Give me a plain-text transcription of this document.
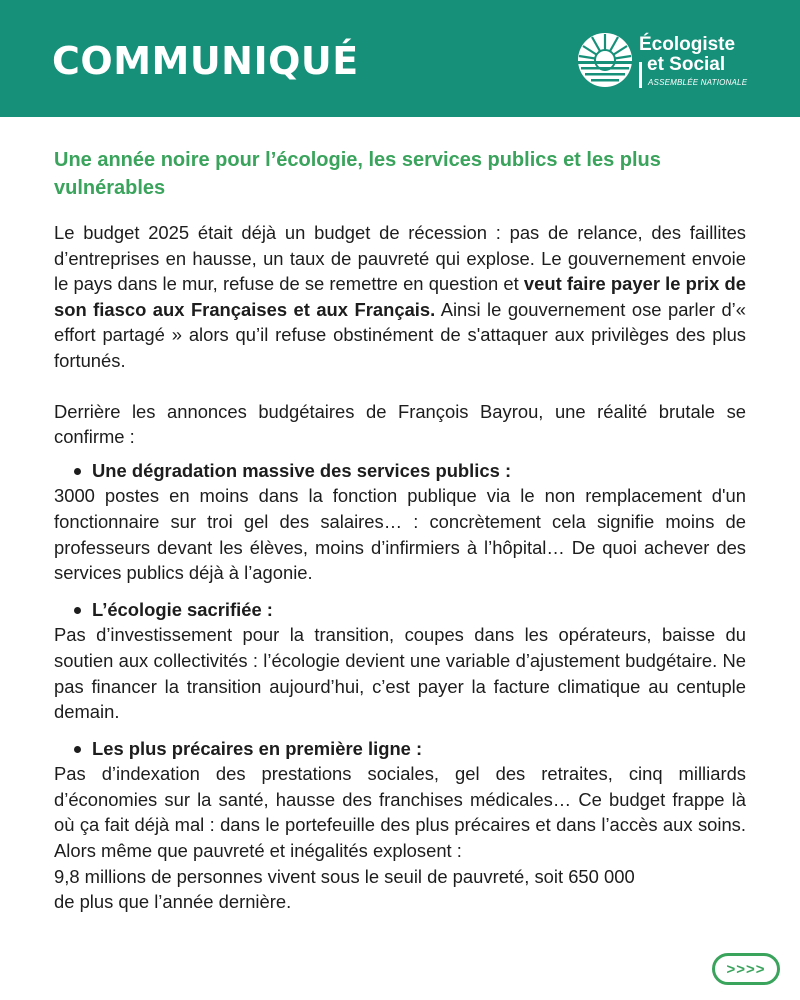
COMMUNIQUÉ	Écologiste
et Social
ASSEMBLÉE NATIONALE
Une année noire pour l’écologie, les services publics et les plus vulnérables

Le budget 2025 était déjà un budget de récession : pas de relance, des faillites d’entreprises en hausse, un taux de pauvreté qui explose. Le gouvernement envoie le pays dans le mur, refuse de se remettre en question et veut faire payer le prix de son fiasco aux Françaises et aux Français. Ainsi le gouvernement ose parler d’« effort partagé » alors qu’il refuse obstinément de s'attaquer aux privilèges des plus fortunés.

Derrière les annonces budgétaires de François Bayrou, une réalité brutale se confirme :

Une dégradation massive des services publics :
3000 postes en moins dans la fonction publique via le non remplacement d'un fonctionnaire sur troi gel des salaires… : concrètement cela signifie moins de professeurs devant les élèves, moins d’infirmiers à l’hôpital… De quoi achever des services publics déjà à l’agonie.
L’écologie sacrifiée :
Pas d’investissement pour la transition, coupes dans les opérateurs, baisse du soutien aux collectivités : l’écologie devient une variable d’ajustement budgétaire. Ne pas financer la transition aujourd’hui, c’est payer la facture climatique au centuple demain.
Les plus précaires en première ligne :
Pas d’indexation des prestations sociales, gel des retraites, cinq milliards d’économies sur la santé, hausse des franchises médicales… Ce budget frappe là où ça fait déjà mal : dans le portefeuille des plus précaires et dans l’accès aux soins. Alors même que pauvreté et inégalités explosent :
9,8 millions de personnes vivent sous le seuil de pauvreté, soit 650 000
de plus que l’année dernière.
>>>>
